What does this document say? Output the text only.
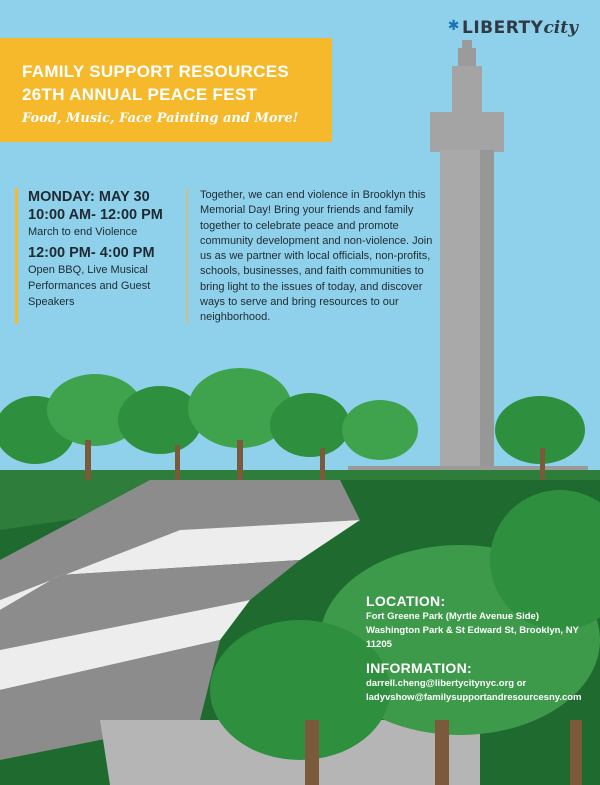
✱ LIBERTYcity
FAMILY SUPPORT RESOURCES
26TH ANNUAL PEACE FEST
Food, Music, Face Painting and More!
MONDAY: MAY 30
10:00 AM- 12:00 PM
March to end Violence
12:00 PM- 4:00 PM
Open BBQ, Live Musical Performances and Guest Speakers
Together, we can end violence in Brooklyn this Memorial Day! Bring your friends and family together to celebrate peace and promote community development and non-violence. Join us as we partner with local officials, non-profits, schools, businesses, and faith communities to bring light to the issues of today, and discover ways to serve and bring resources to our neighborhood.
LOCATION:
Fort Greene Park (Myrtle Avenue Side) Washington Park & St Edward St, Brooklyn, NY 11205
INFORMATION:
darrell.cheng@libertycitynyc.org or
ladyvshow@familysupportandresourcesny.com
